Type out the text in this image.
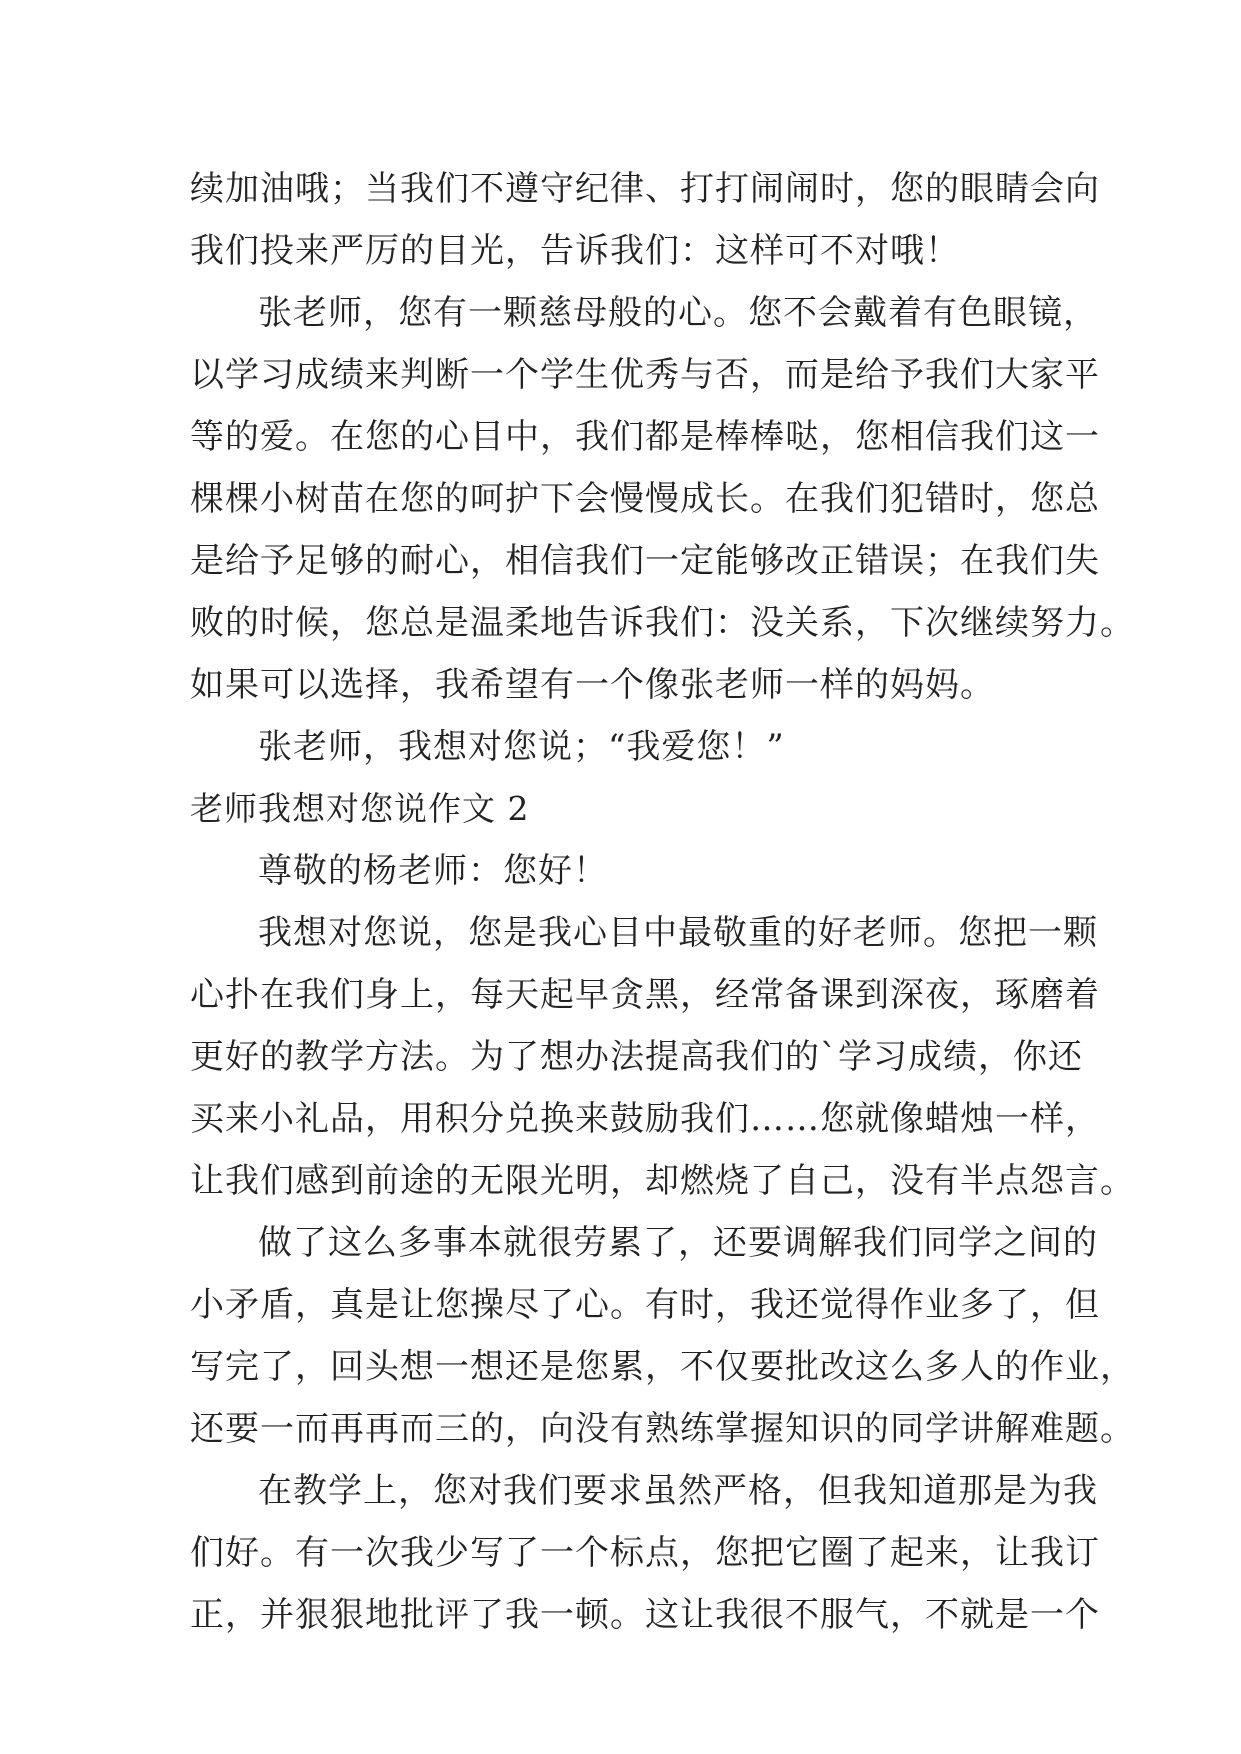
续加油哦；当我们不遵守纪律、打打闹闹时，您的眼睛会向
我们投来严厉的目光，告诉我们：这样可不对哦！
张老师，您有一颗慈母般的心。您不会戴着有色眼镜，
以学习成绩来判断一个学生优秀与否，而是给予我们大家平
等的爱。在您的心目中，我们都是棒棒哒，您相信我们这一
棵棵小树苗在您的呵护下会慢慢成长。在我们犯错时，您总
是给予足够的耐心，相信我们一定能够改正错误；在我们失
败的时候，您总是温柔地告诉我们：没关系，下次继续努力。
如果可以选择，我希望有一个像张老师一样的妈妈。
张老师，我想对您说；“我爱您！”
老师我想对您说作文 2
尊敬的杨老师：您好！
我想对您说，您是我心目中最敬重的好老师。您把一颗
心扑在我们身上，每天起早贪黑，经常备课到深夜，琢磨着
更好的教学方法。为了想办法提高我们的`学习成绩，你还
买来小礼品，用积分兑换来鼓励我们……您就像蜡烛一样，
让我们感到前途的无限光明，却燃烧了自己，没有半点怨言。
做了这么多事本就很劳累了，还要调解我们同学之间的
小矛盾，真是让您操尽了心。有时，我还觉得作业多了，但
写完了，回头想一想还是您累，不仅要批改这么多人的作业，
还要一而再再而三的，向没有熟练掌握知识的同学讲解难题。
在教学上，您对我们要求虽然严格，但我知道那是为我
们好。有一次我少写了一个标点，您把它圈了起来，让我订
正，并狠狠地批评了我一顿。这让我很不服气，不就是一个
